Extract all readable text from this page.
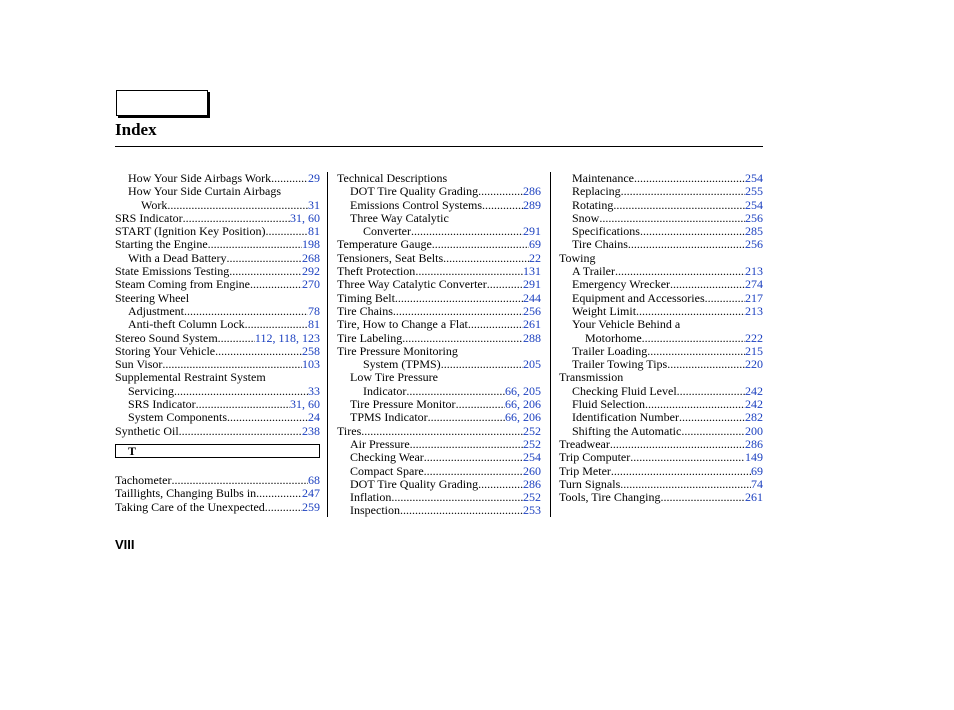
Index
How Your Side Airbags Work .....	29
How Your Side Curtain Airbags
Work .....	31
SRS Indicator .....	31, 60
START (Ignition Key Position) .....	81
Starting the Engine .....	198
With a Dead Battery .....	268
State Emissions Testing .....	292
Steam Coming from Engine .....	270
Steering Wheel
Adjustment .....	78
Anti-theft Column Lock .....	81
Stereo Sound System .....	112, 118, 123
Storing Your Vehicle .....	258
Sun Visor .....	103
Supplemental Restraint System
Servicing .....	33
SRS Indicator .....	31, 60
System Components .....	24
Synthetic Oil .....	238
T
Tachometer .....	68
Taillights, Changing Bulbs in .....	247
Taking Care of the Unexpected .....	259
Technical Descriptions
DOT Tire Quality Grading .....	286
Emissions Control Systems .....	289
Three Way Catalytic
Converter .....	291
Temperature Gauge .....	69
Tensioners, Seat Belts .....	22
Theft Protection .....	131
Three Way Catalytic Converter .....	291
Timing Belt .....	244
Tire Chains .....	256
Tire, How to Change a Flat .....	261
Tire Labeling .....	288
Tire Pressure Monitoring
System (TPMS) .....	205
Low Tire Pressure
Indicator .....	66, 205
Tire Pressure Monitor .....	66, 206
TPMS Indicator .....	66, 206
Tires .....	252
Air Pressure .....	252
Checking Wear .....	254
Compact Spare .....	260
DOT Tire Quality Grading .....	286
Inflation .....	252
Inspection .....	253
Maintenance .....	254
Replacing .....	255
Rotating .....	254
Snow .....	256
Specifications .....	285
Tire Chains .....	256
Towing
A Trailer .....	213
Emergency Wrecker .....	274
Equipment and Accessories .....	217
Weight Limit .....	213
Your Vehicle Behind a
Motorhome .....	222
Trailer Loading .....	215
Trailer Towing Tips .....	220
Transmission
Checking Fluid Level .....	242
Fluid Selection .....	242
Identification Number .....	282
Shifting the Automatic .....	200
Treadwear .....	286
Trip Computer .....	149
Trip Meter .....	69
Turn Signals .....	74
Tools, Tire Changing .....	261
VIII
